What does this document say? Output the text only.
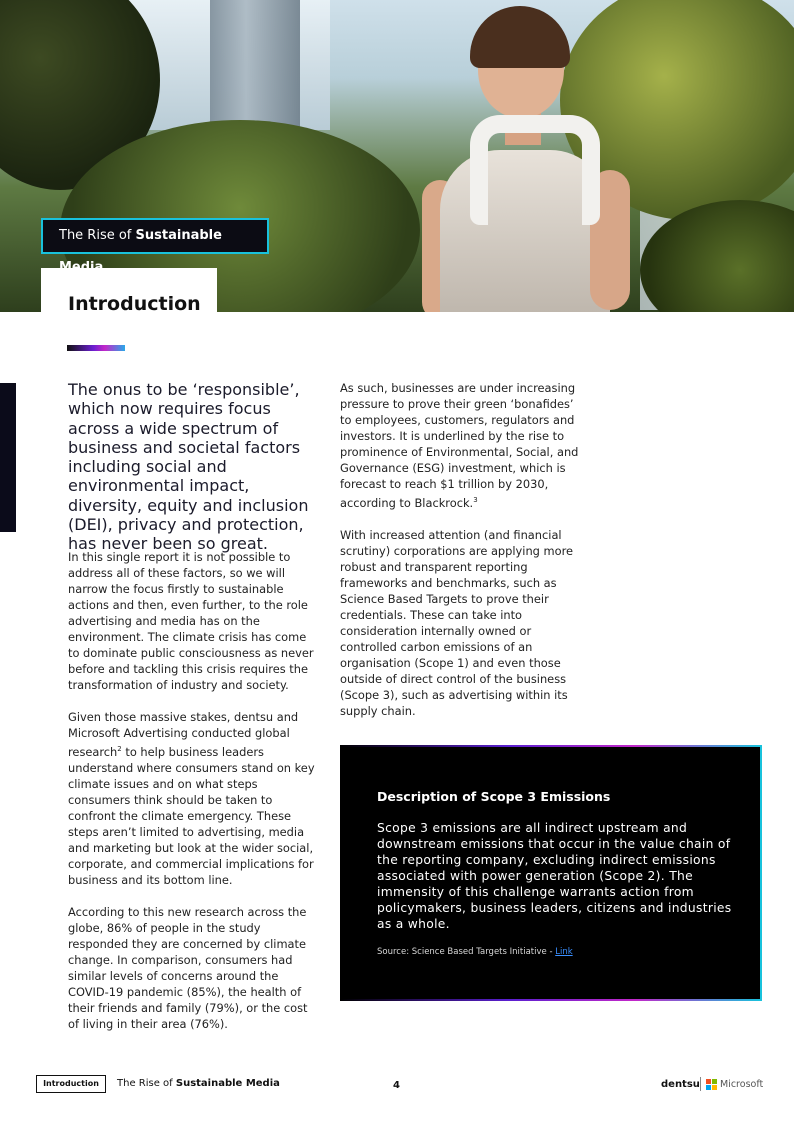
The Rise of Sustainable
Introduction

The onus to be ‘responsible’, which now requires focus across a wide spectrum of business and societal factors including social and environmental impact, diversity, equity and inclusion (DEI), privacy and protection, has never been so great.

In this single report it is not possible to address all of these factors, so we will narrow the focus firstly to sustainable actions and then, even further, to the role advertising and media has on the environment. The climate crisis has come to dominate public consciousness as never before and tackling this crisis requires the transformation of industry and society.

Given those massive stakes, dentsu and Microsoft Advertising conducted global research$^2$ to help business leaders understand where consumers stand on key climate issues and on what steps consumers think should be taken to confront the climate emergency. These steps aren’t limited to advertising, media and marketing but look at the wider social, corporate, and commercial implications for business and its bottom line.

According to this new research across the globe, 86% of people in the study responded they are concerned by climate change. In comparison, consumers had similar levels of concerns around the COVID-19 pandemic (85%), the health of their friends and family (79%), or the cost of living in their area (76%).

As such, businesses are under increasing pressure to prove their green ‘bonafides’ to employees, customers, regulators and investors. It is underlined by the rise to prominence of Environmental, Social, and Governance (ESG) investment, which is forecast to reach $1 trillion by 2030, according to Blackrock.$^3$

With increased attention (and financial scrutiny) corporations are applying more robust and transparent reporting frameworks and benchmarks, such as Science Based Targets to prove their credentials. These can take into consideration internally owned or controlled carbon emissions of an organisation (Scope 1) and even those outside of direct control of the business (Scope 3), such as advertising within its supply chain.

Description of Scope 3 Emissions

Scope 3 emissions are all indirect upstream and downstream emissions that occur in the value chain of the reporting company, excluding indirect emissions associated with power generation (Scope 2). The immensity of this challenge warrants action from policymakers, business leaders, citizens and industries as a whole.

Source: Science Based Targets Initiative - Link

Introduction	The Rise of Sustainable Media	4	dentsu Microsoft
